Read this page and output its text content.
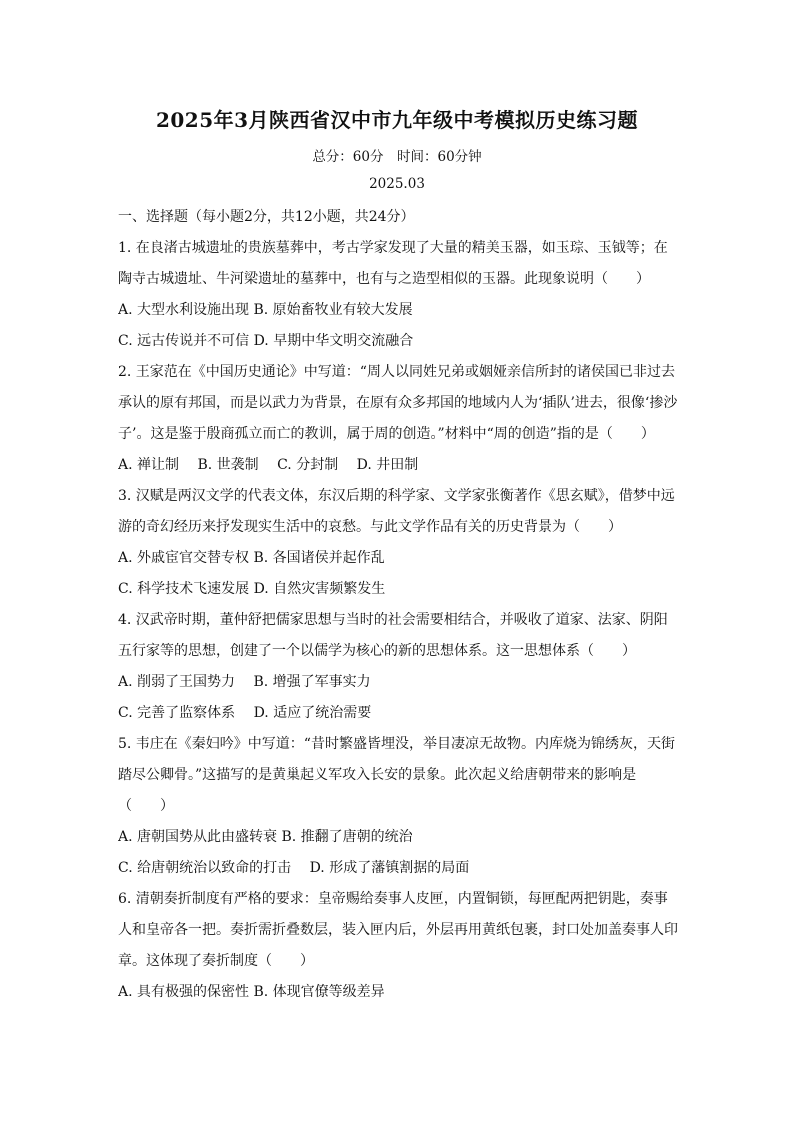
2025年3月陕西省汉中市九年级中考模拟历史练习题
总分：60分　时间：60分钟
2025.03
一、选择题（每小题2分，共12小题，共24分）
1. 在良渚古城遗址的贵族墓葬中，考古学家发现了大量的精美玉器，如玉琮、玉钺等；在
陶寺古城遗址、牛河梁遗址的墓葬中，也有与之造型相似的玉器。此现象说明（　　）
A. 大型水利设施出现 B. 原始畜牧业有较大发展
C. 远古传说并不可信 D. 早期中华文明交流融合
2. 王家范在《中国历史通论》中写道：“周人以同姓兄弟或姻娅亲信所封的诸侯国已非过去
承认的原有邦国，而是以武力为背景，在原有众多邦国的地域内人为‘插队’进去，很像‘掺沙
子’。这是鉴于殷商孤立而亡的教训，属于周的创造。”材料中“周的创造”指的是（　　）
A. 禅让制　 B. 世袭制　 C. 分封制　 D. 井田制
3. 汉赋是两汉文学的代表文体，东汉后期的科学家、文学家张衡著作《思玄赋》，借梦中远
游的奇幻经历来抒发现实生活中的哀愁。与此文学作品有关的历史背景为（　　）
A. 外戚宦官交替专权 B. 各国诸侯并起作乱
C. 科学技术飞速发展 D. 自然灾害频繁发生
4. 汉武帝时期，董仲舒把儒家思想与当时的社会需要相结合，并吸收了道家、法家、阴阳
五行家等的思想，创建了一个以儒学为核心的新的思想体系。这一思想体系（　　）
A. 削弱了王国势力　 B. 增强了军事实力
C. 完善了监察体系　 D. 适应了统治需要
5. 韦庄在《秦妇吟》中写道：“昔时繁盛皆埋没，举目凄凉无故物。内库烧为锦绣灰，天街
踏尽公卿骨。”这描写的是黄巢起义军攻入长安的景象。此次起义给唐朝带来的影响是
（　　）
A. 唐朝国势从此由盛转衰 B. 推翻了唐朝的统治
C. 给唐朝统治以致命的打击　 D. 形成了藩镇割据的局面
6. 清朝奏折制度有严格的要求：皇帝赐给奏事人皮匣，内置铜锁，每匣配两把钥匙，奏事
人和皇帝各一把。奏折需折叠数层，装入匣内后，外层再用黄纸包裹，封口处加盖奏事人印
章。这体现了奏折制度（　　）
A. 具有极强的保密性 B. 体现官僚等级差异
